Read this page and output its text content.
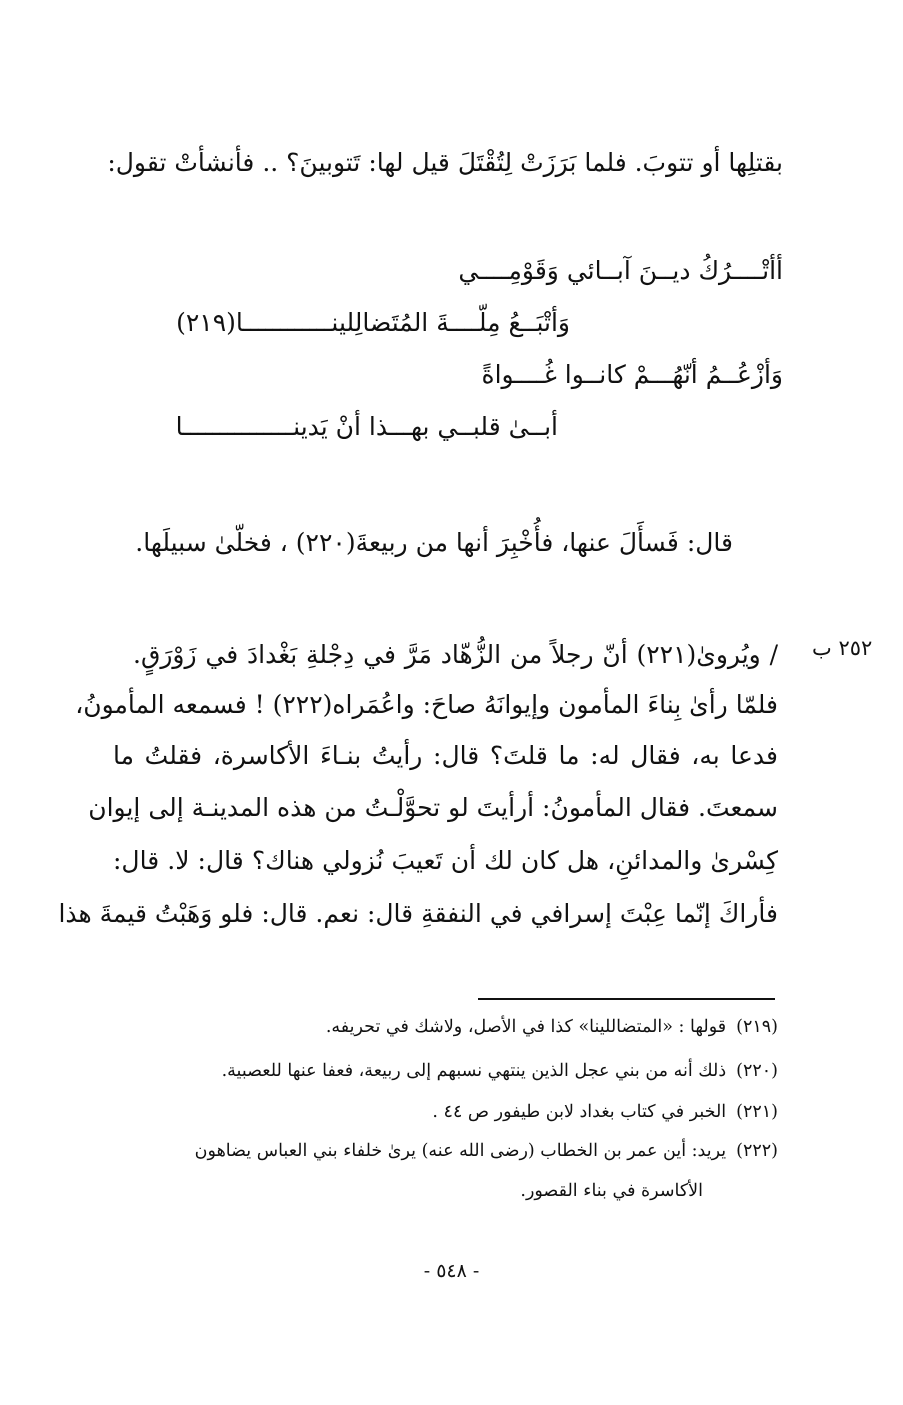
بقتلِها أو تتوبَ. فلما بَرَزَتْ لِتُقْتَلَ قيل لها: تَتوبينَ؟ .. فأنشأتْ تقول:
أأتْــــرُكُ ديــنَ آبــائي وَقَوْمِــــي
وَأتْبَــعُ مِلّــــةَ المُتَضالِلينــــــــــــا(٢١٩)
وَأزْعُــمُ أنّهُـــمْ كانــوا غُــــواةً
أبــىٰ قلبــي بهـــذا أنْ يَدينـــــــــــــــا
قال: فَسأَلَ عنها، فأُخْبِرَ أنها من ربيعةَ(٢٢٠) ، فخلّىٰ سبيلَها.
٢٥٢ ب
/ ويُروىٰ(٢٢١) أنّ رجلاً من الزُّهّاد مَرَّ في دِجْلةِ بَغْدادَ في زَوْرَقٍ.
فلمّا رأىٰ بِناءَ المأمون وإيوانَهُ صاحَ: واعُمَراه(٢٢٢) ! فسمعه المأمونُ،
فدعا به، فقال له: ما قلتَ؟ قال: رأيتُ بنـاءَ الأكاسرة، فقلتُ ما
سمعتَ. فقال المأمونُ: أرأيتَ لو تحوَّلْـتُ من هذه المدينـة إلى إيوان
كِسْرىٰ والمدائنِ، هل كان لك أن تَعيبَ نُزولي هناك؟ قال: لا. قال:
فأراكَ إنّما عِبْتَ إسرافي في النفقةِ قال: نعم. قال: فلو وَهَبْتُ قيمةَ هذا
(٢١٩)قولها : «المتضاللينا» كذا في الأصل، ولاشك في تحريفه.
(٢٢٠)ذلك أنه من بني عجل الذين ينتهي نسبهم إلى ربيعة، فعفا عنها للعصبية.
(٢٢١)الخبر في كتاب بغداد لابن طيفور ص ٤٤ .
(٢٢٢)يريد: أين عمر بن الخطاب (رضى الله عنه) يرىٰ خلفاء بني العباس يضاهون
الأكاسرة في بناء القصور.
- ٥٤٨ -
